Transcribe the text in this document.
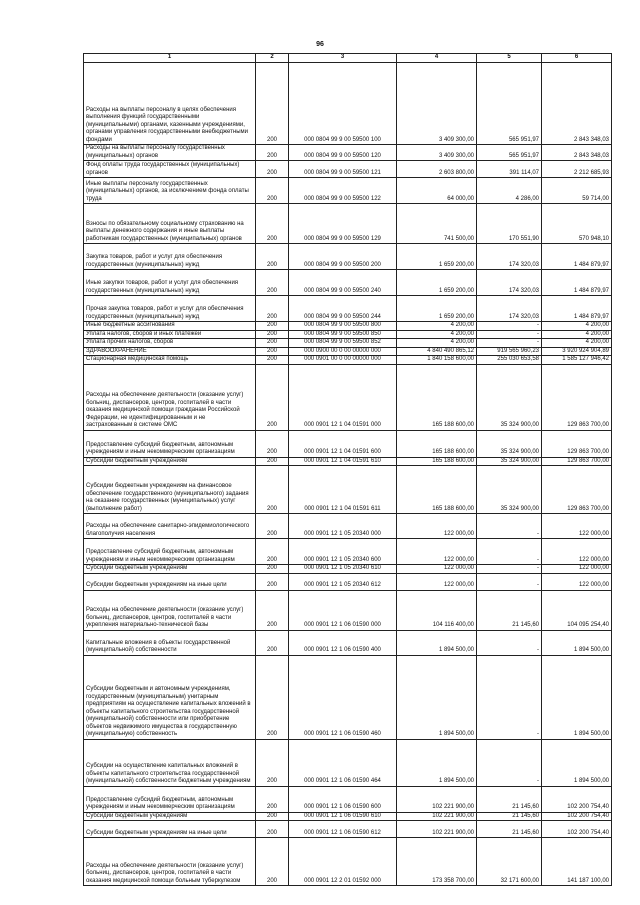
96
1	2	3	4	5	6
Расходы на выплаты персоналу в целях обеспечения выполнения функций государственными (муниципальными) органами, казенными учреждениями, органами управления государственными внебюджетными фондами	200	000 0804 99 9 00 59500 100	3 409 300,00	565 951,97	2 843 348,03
Расходы на выплаты персоналу государственных (муниципальных) органов	200	000 0804 99 9 00 59500 120	3 409 300,00	565 951,97	2 843 348,03
Фонд оплаты труда государственных (муниципальных) органов	200	000 0804 99 9 00 59500 121	2 603 800,00	391 114,07	2 212 685,93
Иные выплаты персоналу государственных (муниципальных) органов, за исключением фонда оплаты труда	200	000 0804 99 9 00 59500 122	64 000,00	4 286,00	59 714,00
Взносы по обязательному социальному страхованию на выплаты денежного содержания и иные выплаты работникам государственных (муниципальных) органов	200	000 0804 99 9 00 59500 129	741 500,00	170 551,90	570 948,10
Закупка товаров, работ и услуг для обеспечения государственных (муниципальных) нужд	200	000 0804 99 9 00 59500 200	1 659 200,00	174 320,03	1 484 879,97
Иные закупки товаров, работ и услуг для обеспечения государственных (муниципальных) нужд	200	000 0804 99 9 00 59500 240	1 659 200,00	174 320,03	1 484 879,97
Прочая закупка товаров, работ и услуг для обеспечения государственных (муниципальных) нужд	200	000 0804 99 9 00 59500 244	1 659 200,00	174 320,03	1 484 879,97
Иные бюджетные ассигнования	200	000 0804 99 9 00 59500 800	4 200,00	-	4 200,00
Уплата налогов, сборов и иных платежей	200	000 0804 99 9 00 59500 850	4 200,00	-	4 200,00
Уплата прочих налогов, сборов	200	000 0804 99 9 00 59500 852	4 200,00	-	4 200,00
ЗДРАВООХРАНЕНИЕ	200	000 0900 00 0 00 00000 000	4 840 490 865,12	919 565 960,23	3 920 924 904,89
Стационарная медицинская помощь	200	000 0901 00 0 00 00000 000	1 840 158 600,00	255 030 653,58	1 585 127 946,42
Расходы на обеспечение деятельности (оказание услуг) больниц, диспансеров, центров, госпиталей в части оказания медицинской помощи гражданам Российской Федерации, не идентифицированным и не застрахованным в системе ОМС	200	000 0901 12 1 04 01591 000	165 188 600,00	35 324 900,00	129 863 700,00
Предоставление субсидий бюджетным, автономным учреждениям и иным некоммерческим организациям	200	000 0901 12 1 04 01591 600	165 188 600,00	35 324 900,00	129 863 700,00
Субсидии бюджетным учреждениям	200	000 0901 12 1 04 01591 610	165 188 600,00	35 324 900,00	129 863 700,00
Субсидии бюджетным учреждениям на финансовое обеспечение государственного (муниципального) задания на оказание государственных (муниципальных) услуг (выполнение работ)	200	000 0901 12 1 04 01591 611	165 188 600,00	35 324 900,00	129 863 700,00
Расходы на обеспечение санитарно-эпидемиологического благополучия населения	200	000 0901 12 1 05 20340 000	122 000,00	-	122 000,00
Предоставление субсидий бюджетным, автономным учреждениям и иным некоммерческим организациям	200	000 0901 12 1 05 20340 600	122 000,00	-	122 000,00
Субсидии бюджетным учреждениям	200	000 0901 12 1 05 20340 610	122 000,00	-	122 000,00
Субсидии бюджетным учреждениям на иные цели	200	000 0901 12 1 05 20340 612	122 000,00	-	122 000,00
Расходы на обеспечение деятельности (оказание услуг) больниц, диспансеров, центров, госпиталей в части укрепления материально-технической базы	200	000 0901 12 1 06 01590 000	104 116 400,00	21 145,60	104 095 254,40
Капитальные вложения в объекты государственной (муниципальной) собственности	200	000 0901 12 1 06 01590 400	1 894 500,00	-	1 894 500,00
Субсидии бюджетным и автономным учреждениям, государственным (муниципальным) унитарным предприятиям на осуществление капитальных вложений в объекты капитального строительства государственной (муниципальной) собственности или приобретение объектов недвижимого имущества в государственную (муниципальную) собственность	200	000 0901 12 1 06 01590 460	1 894 500,00	-	1 894 500,00
Субсидии на осуществление капитальных вложений в объекты капитального строительства государственной (муниципальной) собственности бюджетным учреждениям	200	000 0901 12 1 06 01590 464	1 894 500,00	-	1 894 500,00
Предоставление субсидий бюджетным, автономным учреждениям и иным некоммерческим организациям	200	000 0901 12 1 06 01590 600	102 221 900,00	21 145,60	102 200 754,40
Субсидии бюджетным учреждениям	200	000 0901 12 1 06 01590 610	102 221 900,00	21 145,60	102 200 754,40
Субсидии бюджетным учреждениям на иные цели	200	000 0901 12 1 06 01590 612	102 221 900,00	21 145,60	102 200 754,40
Расходы на обеспечение деятельности (оказание услуг) больниц, диспансеров, центров, госпиталей в части оказания медицинской помощи больным туберкулезом	200	000 0901 12 2 01 01592 000	173 358 700,00	32 171 600,00	141 187 100,00
